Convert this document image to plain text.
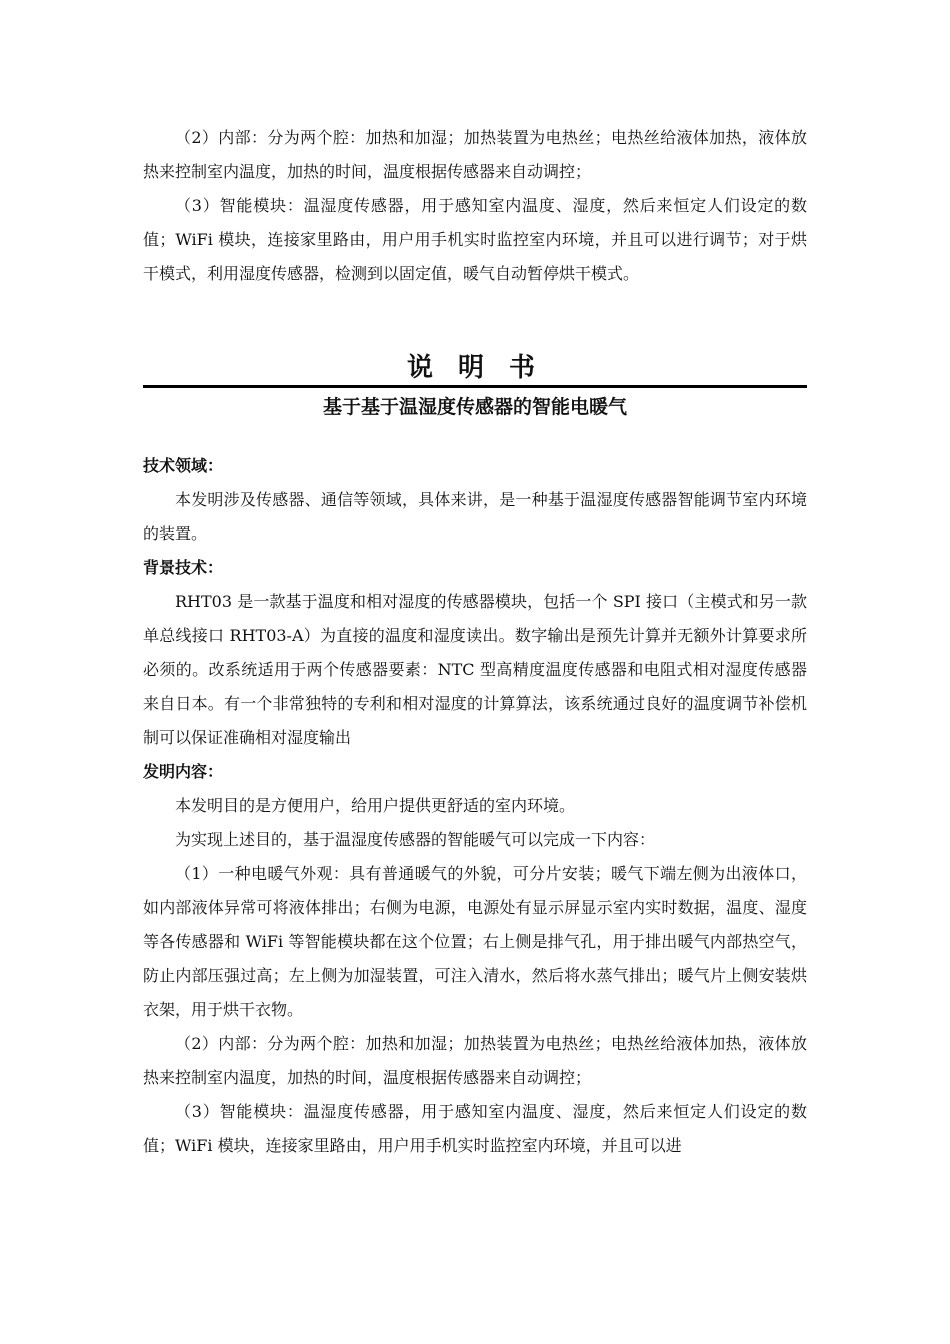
（2）内部：分为两个腔：加热和加湿；加热装置为电热丝；电热丝给液体加热，液体放热来控制室内温度，加热的时间，温度根据传感器来自动调控；

（3）智能模块：温湿度传感器，用于感知室内温度、湿度，然后来恒定人们设定的数值；WiFi 模块，连接家里路由，用户用手机实时监控室内环境，并且可以进行调节；对于烘干模式，利用湿度传感器，检测到以固定值，暖气自动暂停烘干模式。

说 明 书
基于基于温湿度传感器的智能电暖气

技术领域：

本发明涉及传感器、通信等领域，具体来讲，是一种基于温湿度传感器智能调节室内环境的装置。

背景技术：

RHT03 是一款基于温度和相对湿度的传感器模块，包括一个 SPI 接口（主模式和另一款单总线接口 RHT03-A）为直接的温度和湿度读出。数字输出是预先计算并无额外计算要求所必须的。改系统适用于两个传感器要素：NTC 型高精度温度传感器和电阻式相对湿度传感器来自日本。有一个非常独特的专利和相对湿度的计算算法，该系统通过良好的温度调节补偿机制可以保证准确相对湿度输出

发明内容：

本发明目的是方便用户，给用户提供更舒适的室内环境。

为实现上述目的，基于温湿度传感器的智能暖气可以完成一下内容：

（1）一种电暖气外观：具有普通暖气的外貌，可分片安装；暖气下端左侧为出液体口，如内部液体异常可将液体排出；右侧为电源，电源处有显示屏显示室内实时数据，温度、湿度等各传感器和 WiFi 等智能模块都在这个位置；右上侧是排气孔，用于排出暖气内部热空气，防止内部压强过高；左上侧为加湿装置，可注入清水，然后将水蒸气排出；暖气片上侧安装烘衣架，用于烘干衣物。

（2）内部：分为两个腔：加热和加湿；加热装置为电热丝；电热丝给液体加热，液体放热来控制室内温度，加热的时间，温度根据传感器来自动调控；

（3）智能模块：温湿度传感器，用于感知室内温度、湿度，然后来恒定人们设定的数值；WiFi 模块，连接家里路由，用户用手机实时监控室内环境，并且可以进
